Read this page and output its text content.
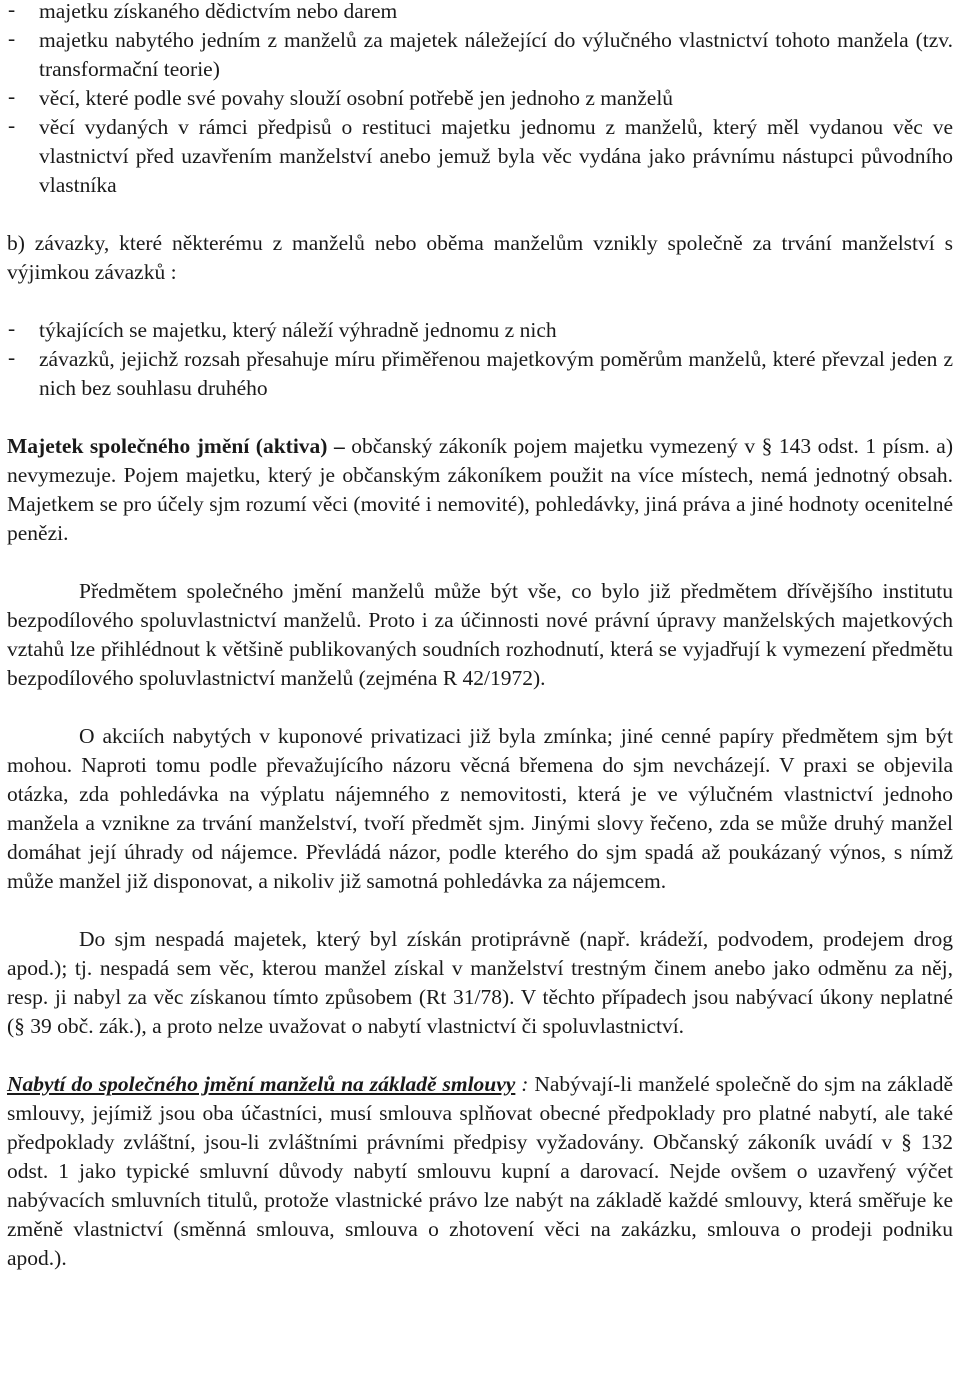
-	majetku získaného dědictvím nebo darem
-	majetku nabytého jedním z manželů za majetek náležející do výlučného vlastnictví tohoto manžela (tzv. transformační teorie)
-	věcí, které podle své povahy slouží osobní potřebě jen jednoho z manželů
-	věcí vydaných v rámci předpisů o restituci majetku jednomu z manželů, který měl vydanou věc ve vlastnictví před uzavřením manželství anebo jemuž byla věc vydána jako právnímu nástupci původního vlastníka
b) závazky, které některému z manželů nebo oběma manželům vznikly společně za trvání manželství s výjimkou závazků :
-	týkajících se majetku, který náleží výhradně jednomu z nich
-	závazků, jejichž rozsah přesahuje míru přiměřenou majetkovým poměrům manželů, které převzal jeden z nich bez souhlasu druhého
Majetek společného jmění (aktiva) – občanský zákoník pojem majetku vymezený v § 143 odst. 1 písm. a) nevymezuje. Pojem majetku, který je občanským zákoníkem použit na více místech, nemá jednotný obsah. Majetkem se pro účely sjm rozumí věci (movité i nemovité), pohledávky, jiná práva a jiné hodnoty ocenitelné penězi.
Předmětem společného jmění manželů může být vše, co bylo již předmětem dřívějšího institutu bezpodílového spoluvlastnictví manželů. Proto i za účinnosti nové právní úpravy manželských majetkových vztahů lze přihlédnout k většině publikovaných soudních rozhodnutí, která se vyjadřují k vymezení předmětu bezpodílového spoluvlastnictví manželů (zejména R 42/1972).
O akciích nabytých v kuponové privatizaci již byla zmínka; jiné cenné papíry předmětem sjm být mohou. Naproti tomu podle převažujícího názoru věcná břemena do sjm nevcházejí. V praxi se objevila otázka, zda pohledávka na výplatu nájemného z nemovitosti, která je ve výlučném vlastnictví jednoho manžela a vznikne za trvání manželství, tvoří předmět sjm. Jinými slovy řečeno, zda se může druhý manžel domáhat její úhrady od nájemce. Převládá názor, podle kterého do sjm spadá až poukázaný výnos, s nímž může manžel již disponovat, a nikoliv již samotná pohledávka za nájemcem.
Do sjm nespadá majetek, který byl získán protiprávně (např. krádeží, podvodem, prodejem drog apod.); tj. nespadá sem věc, kterou manžel získal v manželství trestným činem anebo jako odměnu za něj, resp. ji nabyl za věc získanou tímto způsobem (Rt 31/78). V těchto případech jsou nabývací úkony neplatné (§ 39 obč. zák.), a proto nelze uvažovat o nabytí vlastnictví či spoluvlastnictví.
Nabytí do společného jmění manželů na základě smlouvy : Nabývají-li manželé společně do sjm na základě smlouvy, jejímiž jsou oba účastníci, musí smlouva splňovat obecné předpoklady pro platné nabytí, ale také předpoklady zvláštní, jsou-li zvláštními právními předpisy vyžadovány. Občanský zákoník uvádí v § 132 odst. 1 jako typické smluvní důvody nabytí smlouvu kupní a darovací. Nejde ovšem o uzavřený výčet nabývacích smluvních titulů, protože vlastnické právo lze nabýt na základě každé smlouvy, která směřuje ke změně vlastnictví (směnná smlouva, smlouva o zhotovení věci na zakázku, smlouva o prodeji podniku apod.).
